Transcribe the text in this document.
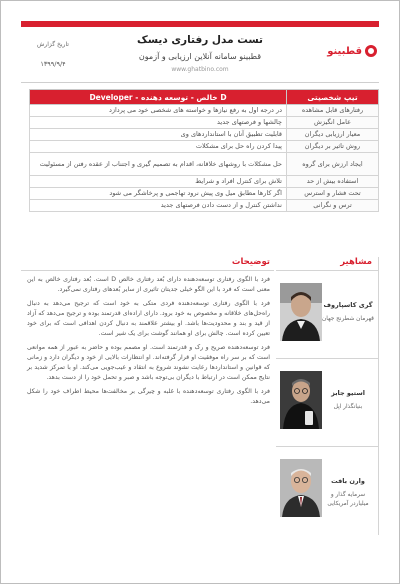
تست مدل رفتاری دیسک
قطبینو سامانه آنلاین ارزیابی و آزمون
www.ghatbino.com
تاریخ گزارش
۱۳۹۹/۹/۴
قطبینو
تیپ شخصیتی	D خالص - توسعه دهنده - Developer
رفتارهای قابل مشاهده	در درجه اول به رفع نیازها و خواسته های شخصی خود می پردازد
عامل انگیزش	چالشها و فرصتهای جدید
معیار ارزیابی دیگران	قابلیت تطبیق آنان با استانداردهای وی
روش تاثیر بر دیگران	پیدا کردن راه حل برای مشکلات
ایجاد ارزش برای گروه	حل مشکلات با روشهای خلاقانه، اقدام به تصمیم گیری و اجتناب از عقده رفتن از مسئولیت
استفاده بیش از حد	تلاش برای کنترل افراد و شرایط
تحت فشار و استرس	اگر کارها مطابق میل وی پیش نرود تهاجمی و پرخاشگر می شود
ترس و نگرانی	نداشتن کنترل و از دست دادن فرصتهای جدید
توضیحات

فرد با الگوی رفتاری توسعه‌دهنده دارای بُعد رفتاری خالص D است. بُعد رفتاری خالص به این معنی است که فرد با این الگو خیلی جدیتان تاثیری از سایر بُعدهای رفتاری نمی‌گیرد.

فرد با الگوی رفتاری توسعه‌دهنده فردی متکی به خود است که ترجیح می‌دهد به دنبال راه‌حل‌های خلاقانه و مخصوص به خود برود. دارای اراده‌ای قدرتمند بوده و ترجیح می‌دهد که آزاد از قید و بند و محدودیت‌ها باشد. او بیشتر علاقمند به دنبال کردن اهدافی است که برای خود تعیین کرده است. چالش برای او همانند گوشت برای یک شیر است.

فرد توسعه‌دهنده صریح و رک و قدرتمند است. او مصمم بوده و حاضر به عبور از همه موانعی است که بر سر راه موفقیت او قرار گرفته‌اند. او انتظارات بالایی از خود و دیگران دارد و زمانی که قوانین و استانداردها رعایت نشوند شروع به انتقاد و عیب‌جویی می‌کند. او با تمرکز شدید بر نتایج ممکن است در ارتباط با دیگران بی‌توجه باشد و صبر و تحمل خود را از دست بدهد.

فرد با الگوی رفتاری توسعه‌دهنده با غلبه و چیرگی بر مخالفت‌ها محیط اطراف خود را شکل می‌دهد.

مشاهیر
گری کاسپاروف
قهرمان شطرنج جهان
استیو جابز
بنیانگذار اپل
وارن بافت
سرمایه گذار و میلیاردر آمریکایی
